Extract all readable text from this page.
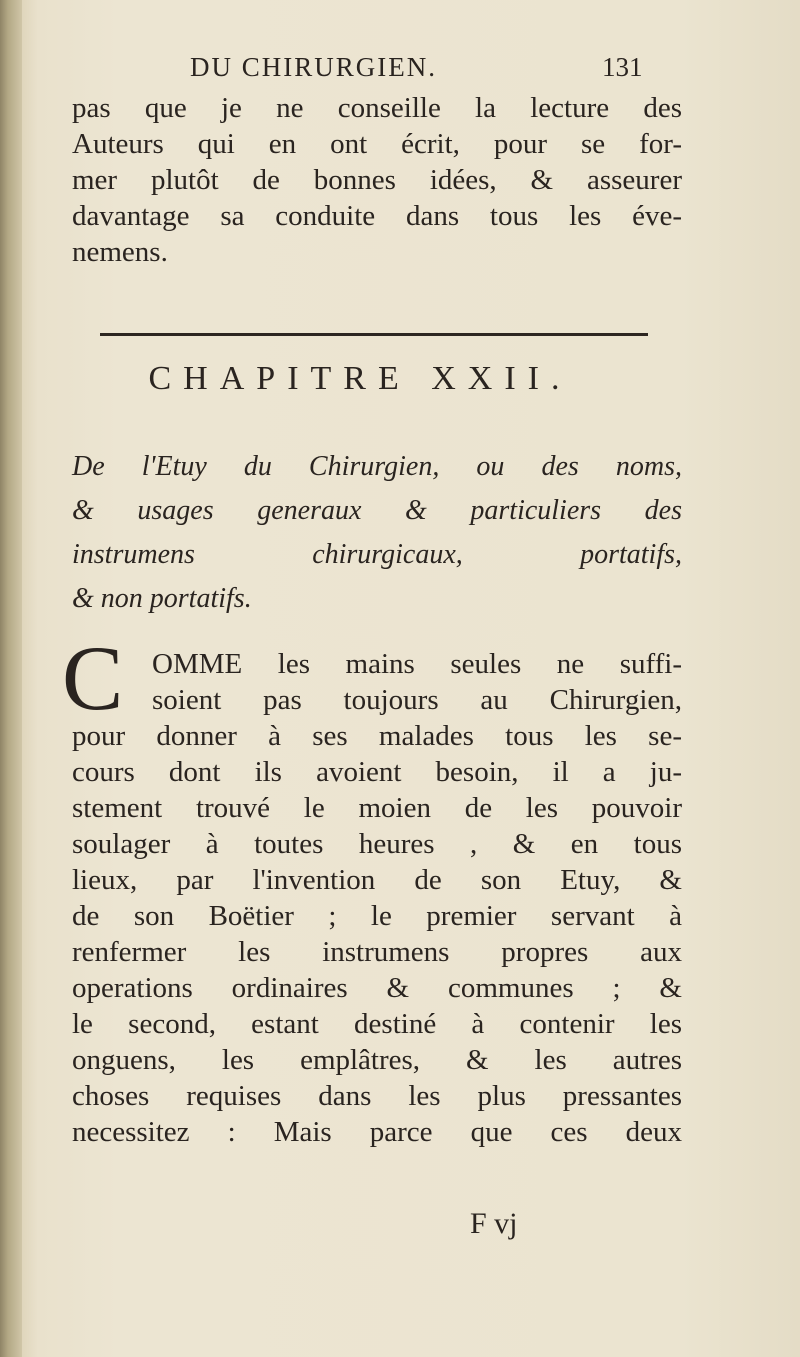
DU CHIRURGIEN.	131
pas que je ne conseille la lecture des
Auteurs qui en ont écrit, pour se for-
mer plutôt de bonnes idées, & asseurer
davantage sa conduite dans tous les éve-
nemens.
CHAPITRE XXII.
De l'Etuy du Chirurgien, ou des noms,
& usages generaux & particuliers des
instrumens chirurgicaux, portatifs,
& non portatifs.
C OMME les mains seules ne suffi-
soient pas toujours au Chirurgien,
pour donner à ses malades tous les se-
cours dont ils avoient besoin, il a ju-
stement trouvé le moien de les pouvoir
soulager à toutes heures , & en tous
lieux, par l'invention de son Etuy, &
de son Boëtier ; le premier servant à
renfermer les instrumens propres aux
operations ordinaires & communes ; &
le second, estant destiné à contenir les
onguens, les emplâtres, & les autres
choses requises dans les plus pressantes
necessitez : Mais parce que ces deux
F vj
